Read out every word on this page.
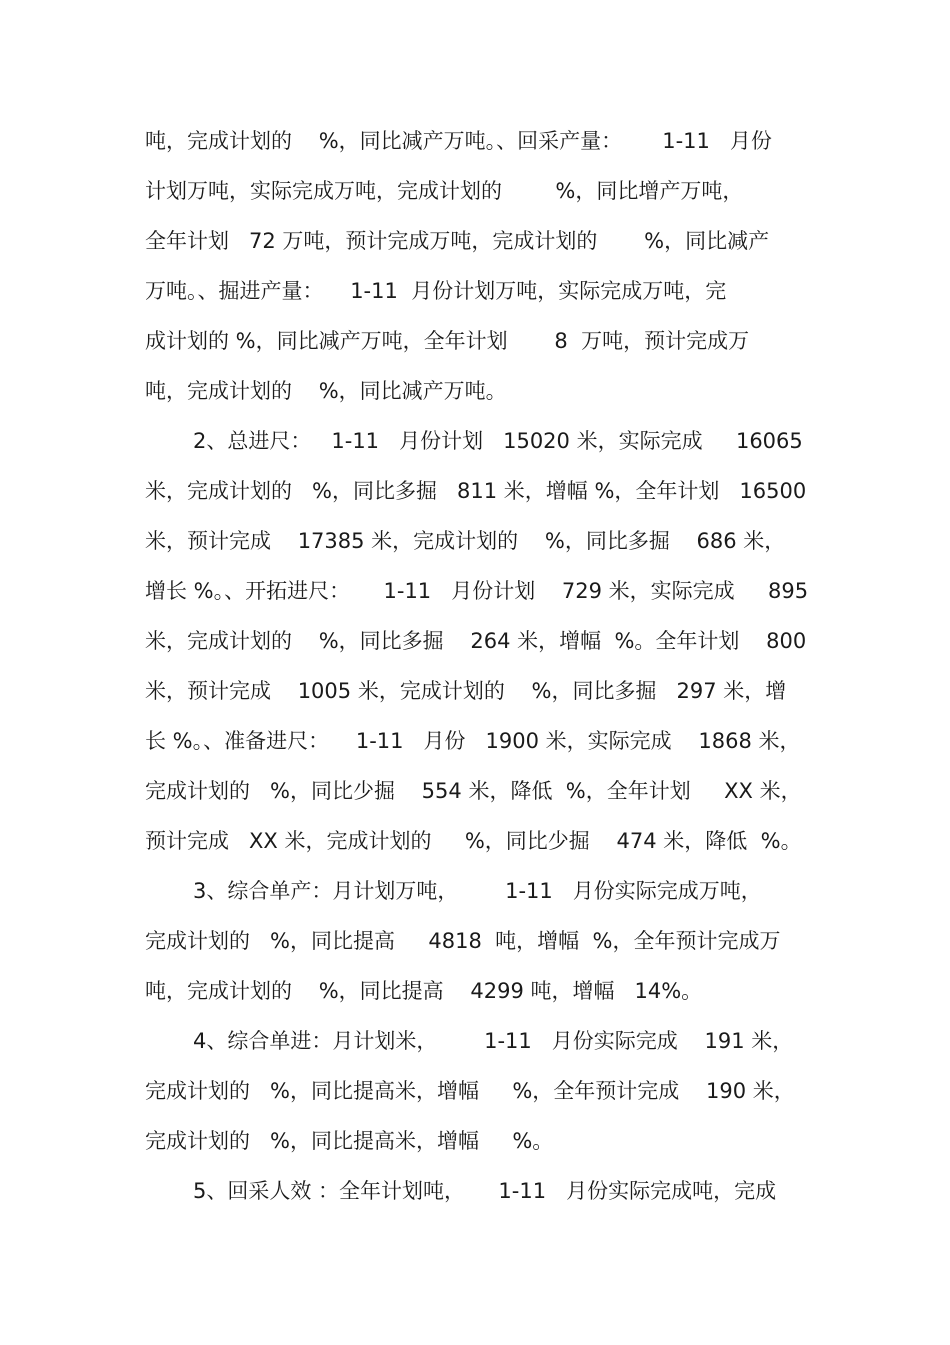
吨，完成计划的    %，同比减产万吨。、回采产量：      1-11   月份
计划万吨，实际完成万吨，完成计划的        %，同比增产万吨，
全年计划   72 万吨，预计完成万吨，完成计划的       %，同比减产
万吨。、掘进产量：    1-11  月份计划万吨，实际完成万吨，完
成计划的 %，同比减产万吨，全年计划       8  万吨，预计完成万
吨，完成计划的    %，同比减产万吨。
2、总进尺：   1-11   月份计划   15020 米，实际完成     16065
米，完成计划的   %，同比多掘   811 米，增幅 %，全年计划   16500
米，预计完成    17385 米，完成计划的    %，同比多掘    686 米，
增长 %。、开拓进尺：     1-11   月份计划    729 米，实际完成     895
米，完成计划的    %，同比多掘    264 米，增幅  %。全年计划    800
米，预计完成    1005 米，完成计划的    %，同比多掘   297 米，增
长 %。、准备进尺：    1-11   月份   1900 米，实际完成    1868 米，
完成计划的   %，同比少掘    554 米，降低  %，全年计划     XX 米，
预计完成   XX 米，完成计划的     %，同比少掘    474 米，降低  %。
3、综合单产：月计划万吨，       1-11   月份实际完成万吨，
完成计划的   %，同比提高     4818  吨，增幅  %，全年预计完成万
吨，完成计划的    %，同比提高    4299 吨，增幅   14%。
4、综合单进：月计划米，       1-11   月份实际完成    191 米，
完成计划的   %，同比提高米，增幅     %，全年预计完成    190 米，
完成计划的   %，同比提高米，增幅     %。
5、回采人效 ：全年计划吨，     1-11   月份实际完成吨，完成
